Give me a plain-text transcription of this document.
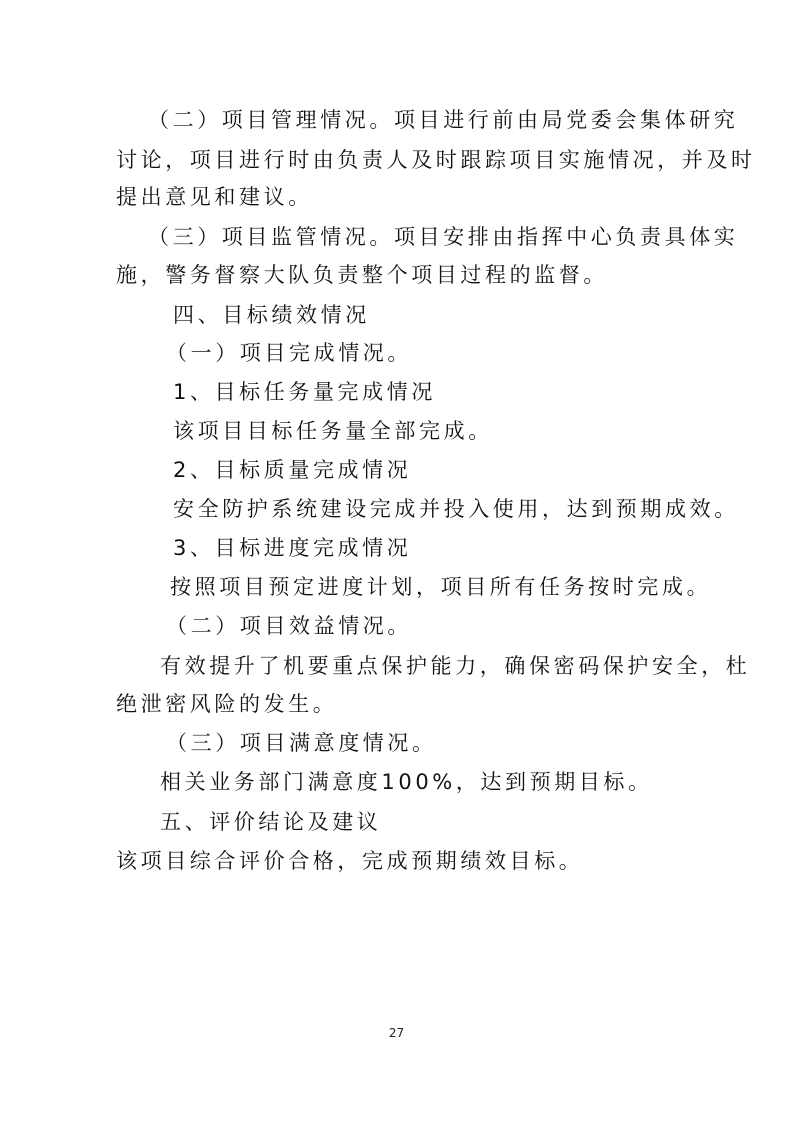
（二）项目管理情况。项目进行前由局党委会集体研究
讨论，项目进行时由负责人及时跟踪项目实施情况，并及时
提出意见和建议。
（三）项目监管情况。项目安排由指挥中心负责具体实
施，警务督察大队负责整个项目过程的监督。
四、目标绩效情况
（一）项目完成情况。
1、目标任务量完成情况
该项目目标任务量全部完成。
2、目标质量完成情况
安全防护系统建设完成并投入使用，达到预期成效。
3、目标进度完成情况
按照项目预定进度计划，项目所有任务按时完成。
（二）项目效益情况。
有效提升了机要重点保护能力，确保密码保护安全，杜
绝泄密风险的发生。
（三）项目满意度情况。
相关业务部门满意度100%，达到预期目标。
五、评价结论及建议
该项目综合评价合格，完成预期绩效目标。
27
